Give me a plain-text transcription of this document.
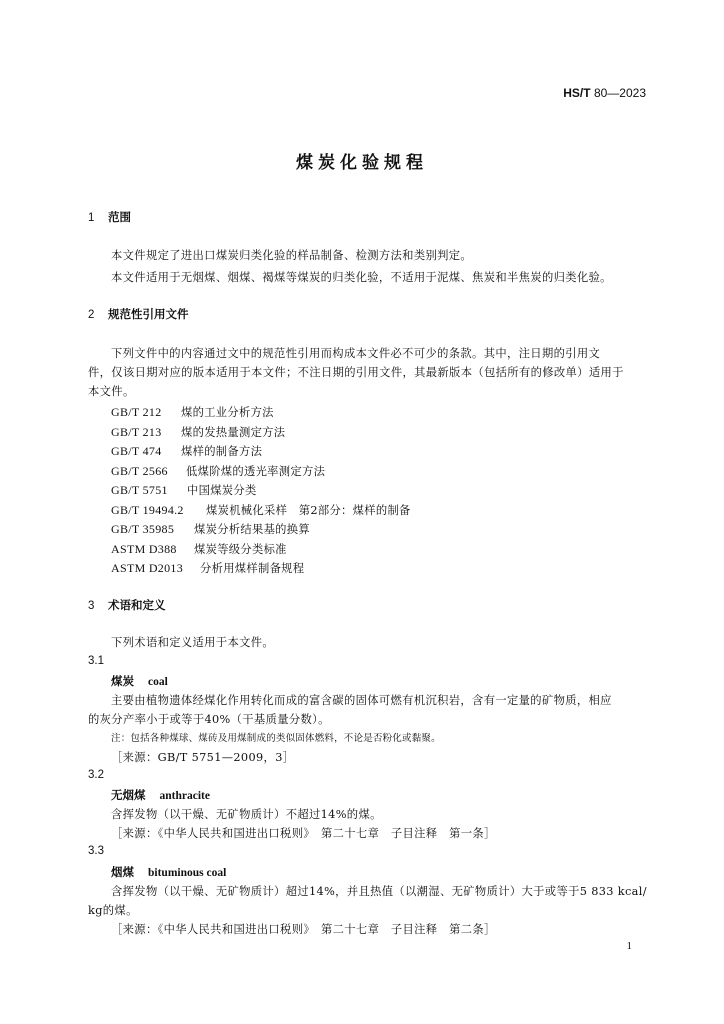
HS/T 80—2023
煤炭化验规程
1 范围
本文件规定了进出口煤炭归类化验的样品制备、检测方法和类别判定。
本文件适用于无烟煤、烟煤、褐煤等煤炭的归类化验，不适用于泥煤、焦炭和半焦炭的归类化验。
2 规范性引用文件
下列文件中的内容通过文中的规范性引用而构成本文件必不可少的条款。其中，注日期的引用文
件，仅该日期对应的版本适用于本文件；不注日期的引用文件，其最新版本（包括所有的修改单）适用于
本文件。
GB/T 212 煤的工业分析方法
GB/T 213 煤的发热量测定方法
GB/T 474 煤样的制备方法
GB/T 2566 低煤阶煤的透光率测定方法
GB/T 5751 中国煤炭分类
GB/T 19494.2 煤炭机械化采样　第2部分：煤样的制备
GB/T 35985 煤炭分析结果基的换算
ASTM D388 煤炭等级分类标准
ASTM D2013 分析用煤样制备规程
3 术语和定义
下列术语和定义适用于本文件。
3.1
煤炭 coal
主要由植物遗体经煤化作用转化而成的富含碳的固体可燃有机沉积岩，含有一定量的矿物质，相应
的灰分产率小于或等于40%（干基质量分数）。
注：包括各种煤球、煤砖及用煤制成的类似固体燃料，不论是否粉化或黏聚。
［来源：GB/T 5751—2009，3］
3.2
无烟煤 anthracite
含挥发物（以干燥、无矿物质计）不超过14%的煤。
［来源：《中华人民共和国进出口税则》　第二十七章　子目注释　第一条］
3.3
烟煤 bituminous coal
含挥发物（以干燥、无矿物质计）超过14%，并且热值（以潮湿、无矿物质计）大于或等于5 833 kcal/
kg的煤。
［来源：《中华人民共和国进出口税则》　第二十七章　子目注释　第二条］
1
